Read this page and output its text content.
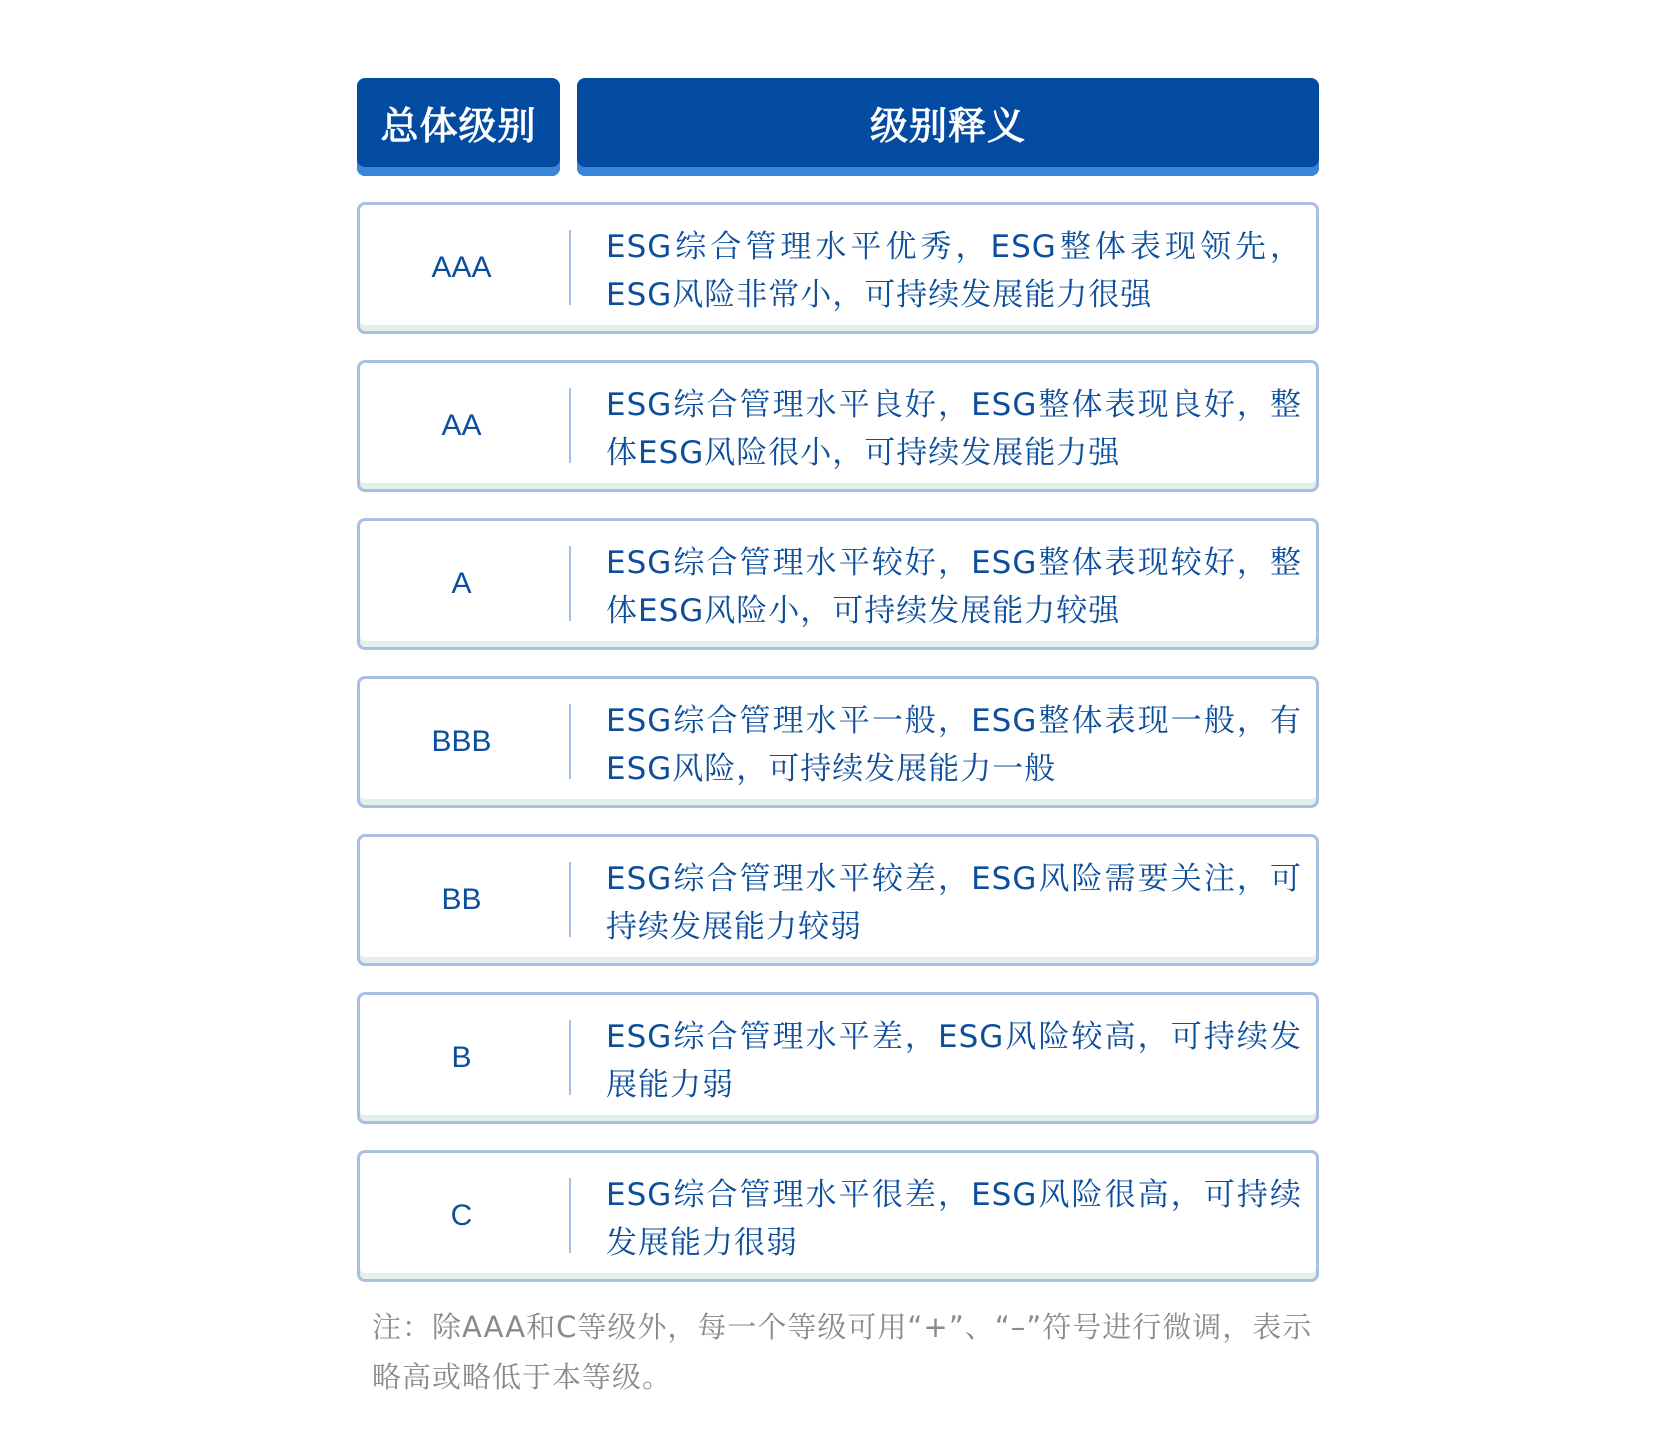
总体级别	级别释义
AAA
ESG综合管理水平优秀，ESG整体表现领先，ESG风险非常小，可持续发展能力很强
AA
ESG综合管理水平良好，ESG整体表现良好，整体ESG风险很小，可持续发展能力强
A
ESG综合管理水平较好，ESG整体表现较好，整体ESG风险小，可持续发展能力较强
BBB
ESG综合管理水平一般，ESG整体表现一般，有ESG风险，可持续发展能力一般
BB
ESG综合管理水平较差，ESG风险需要关注，可持续发展能力较弱
B
ESG综合管理水平差，ESG风险较高，可持续发展能力弱
C
ESG综合管理水平很差，ESG风险很高，可持续发展能力很弱
注：除AAA和C等级外，每一个等级可用“+”、“–”符号进行微调，表示略高或略低于本等级。
